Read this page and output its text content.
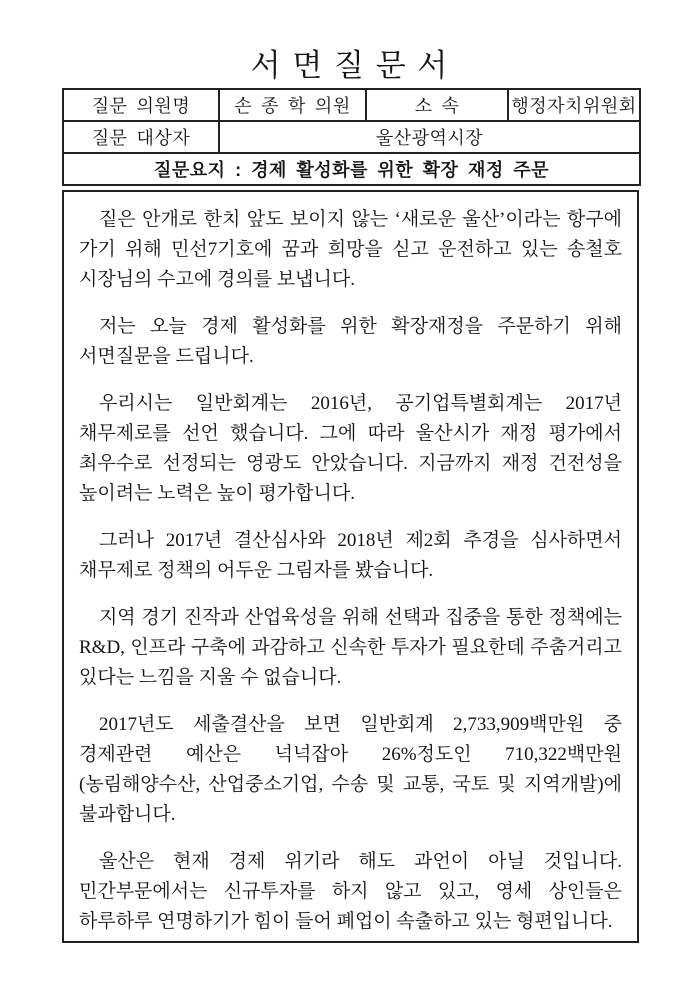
서 면 질 문 서
질문 의원명	손 종 학 의원	소 속	행정자치위원회
질문 대상자	울산광역시장		
질문요지 : 경제 활성화를 위한 확장 재정 주문			

짙은 안개로 한치 앞도 보이지 않는 ‘새로운 울산’이라는 항구에 가기 위해 민선7기호에 꿈과 희망을 싣고 운전하고 있는 송철호 시장님의 수고에 경의를 보냅니다.

저는 오늘 경제 활성화를 위한 확장재정을 주문하기 위해 서면질문을 드립니다.

우리시는 일반회계는 2016년, 공기업특별회계는 2017년 채무제로를 선언 했습니다. 그에 따라 울산시가 재정 평가에서 최우수로 선정되는 영광도 안았습니다. 지금까지 재정 건전성을 높이려는 노력은 높이 평가합니다.

그러나 2017년 결산심사와 2018년 제2회 추경을 심사하면서 채무제로 정책의 어두운 그림자를 봤습니다.

지역 경기 진작과 산업육성을 위해 선택과 집중을 통한 정책에는 R&D, 인프라 구축에 과감하고 신속한 투자가 필요한데 주춤거리고 있다는 느낌을 지울 수 없습니다.

2017년도 세출결산을 보면 일반회계 2,733,909백만원 중 경제관련 예산은 넉넉잡아 26%정도인 710,322백만원(농림해양수산, 산업중소기업, 수송 및 교통, 국토 및 지역개발)에 불과합니다.

울산은 현재 경제 위기라 해도 과언이 아닐 것입니다. 민간부문에서는 신규투자를 하지 않고 있고, 영세 상인들은 하루하루 연명하기가 힘이 들어 폐업이 속출하고 있는 형편입니다.
